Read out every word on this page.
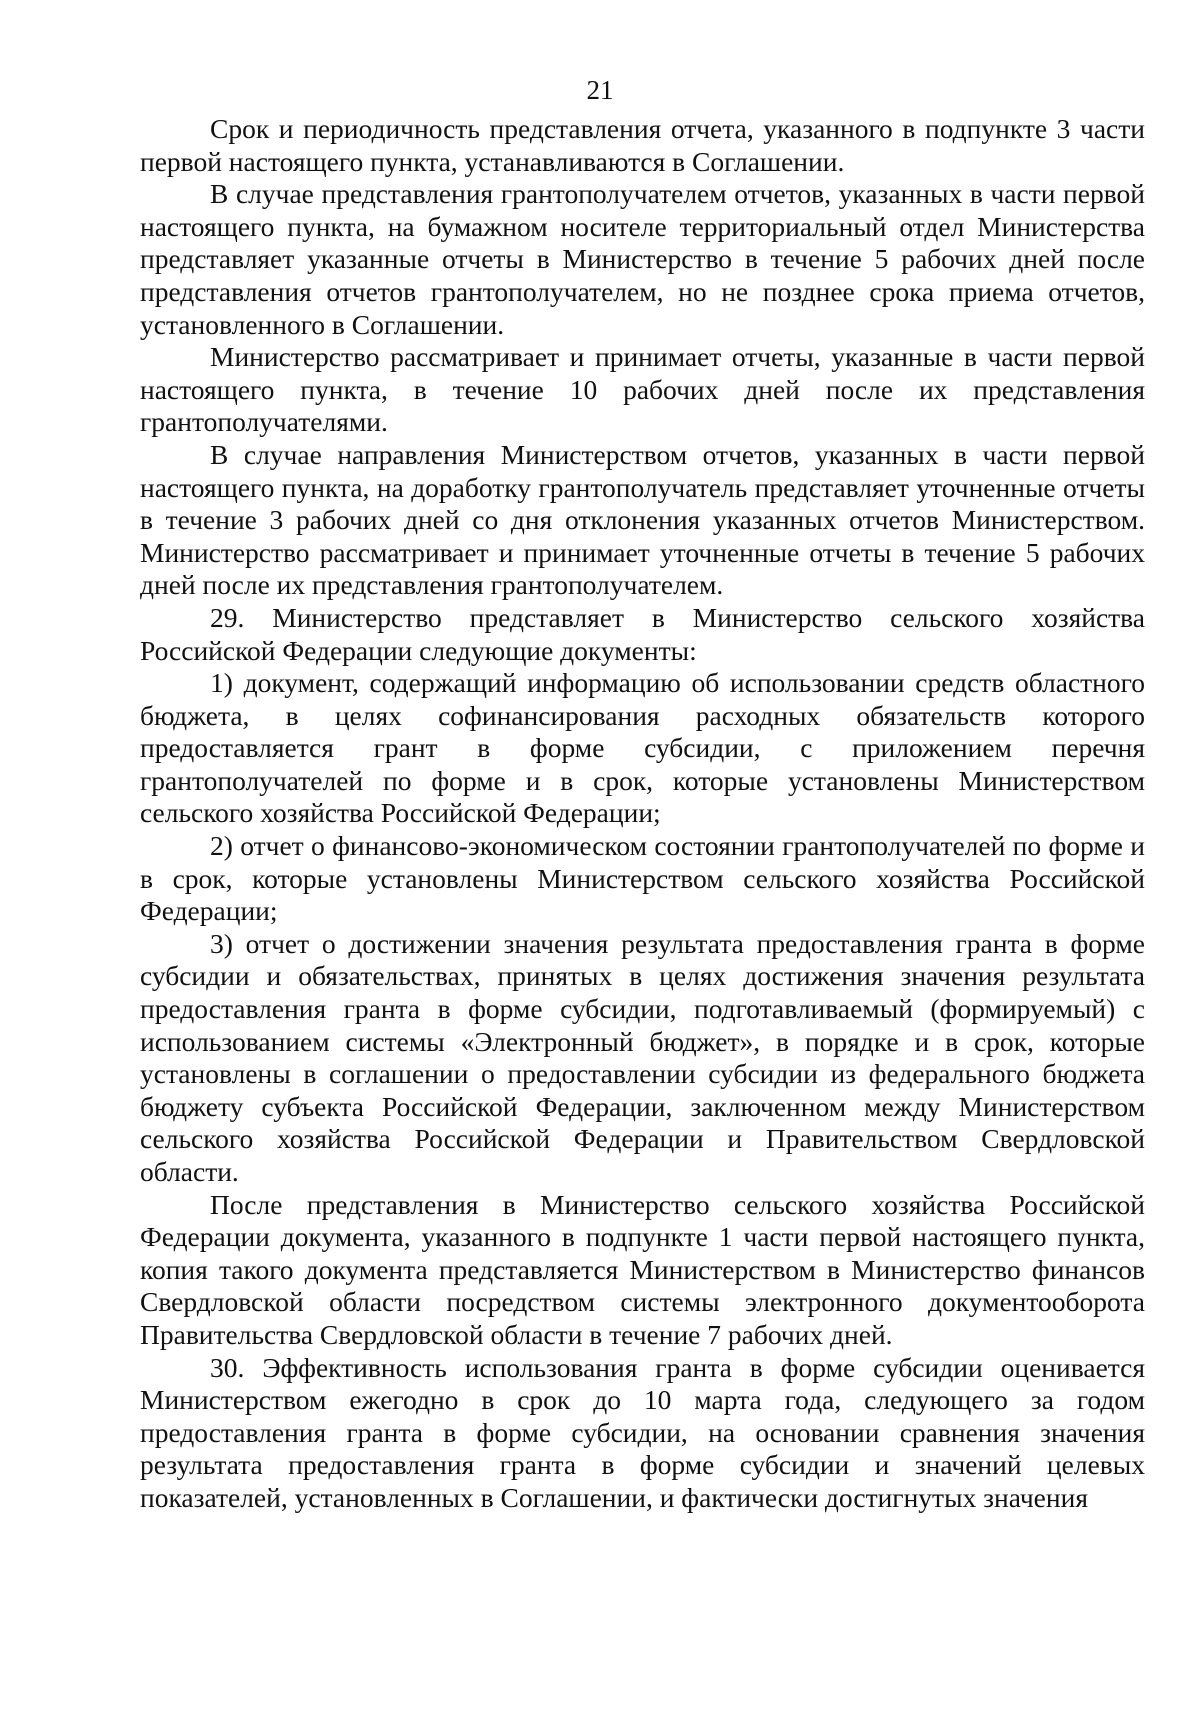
21

Срок и периодичность представления отчета, указанного в подпункте 3 части первой настоящего пункта, устанавливаются в Соглашении.

В случае представления грантополучателем отчетов, указанных в части первой настоящего пункта, на бумажном носителе территориальный отдел Министерства представляет указанные отчеты в Министерство в течение 5 рабочих дней после представления отчетов грантополучателем, но не позднее срока приема отчетов, установленного в Соглашении.

Министерство рассматривает и принимает отчеты, указанные в части первой настоящего пункта, в течение 10 рабочих дней после их представления грантополучателями.

В случае направления Министерством отчетов, указанных в части первой настоящего пункта, на доработку грантополучатель представляет уточненные отчеты в течение 3 рабочих дней со дня отклонения указанных отчетов Министерством. Министерство рассматривает и принимает уточненные отчеты в течение 5 рабочих дней после их представления грантополучателем.

29. Министерство представляет в Министерство сельского хозяйства Российской Федерации следующие документы:

1) документ, содержащий информацию об использовании средств областного бюджета, в целях софинансирования расходных обязательств которого предоставляется грант в форме субсидии, с приложением перечня грантополучателей по форме и в срок, которые установлены Министерством сельского хозяйства Российской Федерации;

2) отчет о финансово-экономическом состоянии грантополучателей по форме и в срок, которые установлены Министерством сельского хозяйства Российской Федерации;

3) отчет о достижении значения результата предоставления гранта в форме субсидии и обязательствах, принятых в целях достижения значения результата предоставления гранта в форме субсидии, подготавливаемый (формируемый) с использованием системы «Электронный бюджет», в порядке и в срок, которые установлены в соглашении о предоставлении субсидии из федерального бюджета бюджету субъекта Российской Федерации, заключенном между Министерством сельского хозяйства Российской Федерации и Правительством Свердловской области.

После представления в Министерство сельского хозяйства Российской Федерации документа, указанного в подпункте 1 части первой настоящего пункта, копия такого документа представляется Министерством в Министерство финансов Свердловской области посредством системы электронного документооборота Правительства Свердловской области в течение 7 рабочих дней.

30. Эффективность использования гранта в форме субсидии оценивается Министерством ежегодно в срок до 10 марта года, следующего за годом предоставления гранта в форме субсидии, на основании сравнения значения результата предоставления гранта в форме субсидии и значений целевых показателей, установленных в Соглашении, и фактически достигнутых значения
